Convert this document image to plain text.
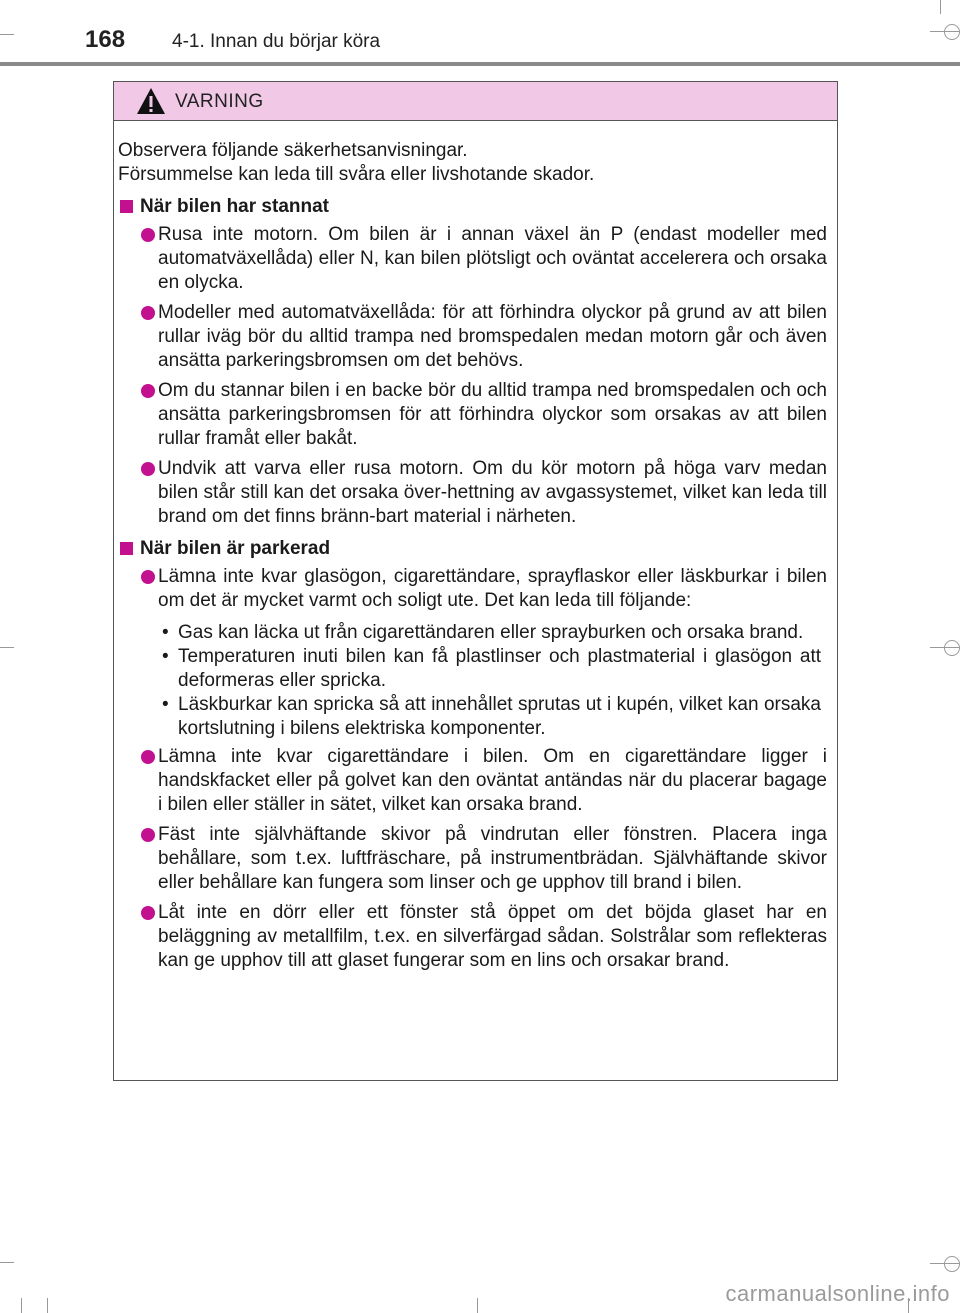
168 4-1. Innan du börjar köra
VARNING

Observera följande säkerhetsanvisningar.

Försummelse kan leda till svåra eller livshotande skador.

När bilen har stannat
Rusa inte motorn. Om bilen är i annan växel än P (endast modeller med automatväxellåda) eller N, kan bilen plötsligt och oväntat accelerera och orsaka en olycka.
Modeller med automatväxellåda: för att förhindra olyckor på grund av att bilen rullar iväg bör du alltid trampa ned bromspedalen medan motorn går och även ansätta parkeringsbromsen om det behövs.
Om du stannar bilen i en backe bör du alltid trampa ned bromspedalen och och ansätta parkeringsbromsen för att förhindra olyckor som orsakas av att bilen rullar framåt eller bakåt.
Undvik att varva eller rusa motorn. Om du kör motorn på höga varv medan bilen står still kan det orsaka över-hettning av avgassystemet, vilket kan leda till brand om det finns bränn-bart material i närheten.
När bilen är parkerad
Lämna inte kvar glasögon, cigarettändare, sprayflaskor eller läskburkar i bilen om det är mycket varmt och soligt ute. Det kan leda till följande:
• Gas kan läcka ut från cigarettändaren eller sprayburken och orsaka brand.
• Temperaturen inuti bilen kan få plastlinser och plastmaterial i glasögon att deformeras eller spricka.
• Läskburkar kan spricka så att innehållet sprutas ut i kupén, vilket kan orsaka kortslutning i bilens elektriska komponenter.
Lämna inte kvar cigarettändare i bilen. Om en cigarettändare ligger i handskfacket eller på golvet kan den oväntat antändas när du placerar bagage i bilen eller ställer in sätet, vilket kan orsaka brand.
Fäst inte självhäftande skivor på vindrutan eller fönstren. Placera inga behållare, som t.ex. luftfräschare, på instrumentbrädan. Självhäftande skivor eller behållare kan fungera som linser och ge upphov till brand i bilen.
Låt inte en dörr eller ett fönster stå öppet om det böjda glaset har en beläggning av metallfilm, t.ex. en silverfärgad sådan. Solstrålar som reflekteras kan ge upphov till att glaset fungerar som en lins och orsakar brand.
carmanualsonline.info
